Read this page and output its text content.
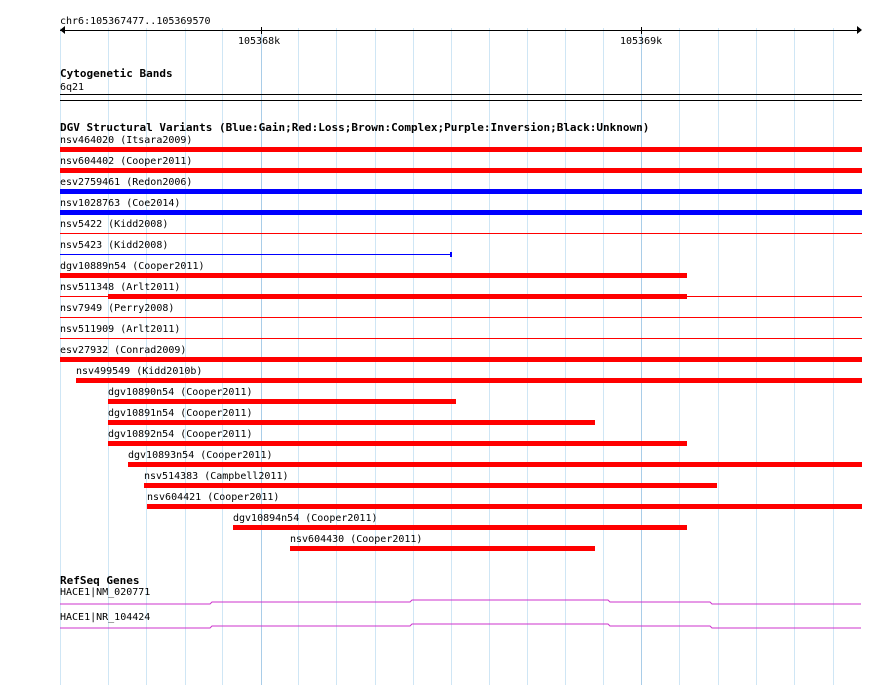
chr6:105367477..105369570
105368k	105369k
Cytogenetic Bands
6q21
DGV Structural Variants (Blue:Gain;Red:Loss;Brown:Complex;Purple:Inversion;Black:Unknown)
nsv464020 (Itsara2009)
nsv604402 (Cooper2011)
esv2759461 (Redon2006)
nsv1028763 (Coe2014)
nsv5422 (Kidd2008)
nsv5423 (Kidd2008)
dgv10889n54 (Cooper2011)
nsv511348 (Arlt2011)
nsv7949 (Perry2008)
nsv511909 (Arlt2011)
esv27932 (Conrad2009)
nsv499549 (Kidd2010b)
dgv10890n54 (Cooper2011)
dgv10891n54 (Cooper2011)
dgv10892n54 (Cooper2011)
dgv10893n54 (Cooper2011)
nsv514383 (Campbell2011)
nsv604421 (Cooper2011)
dgv10894n54 (Cooper2011)
nsv604430 (Cooper2011)
RefSeq Genes
HACE1|NM_020771
HACE1|NR_104424
